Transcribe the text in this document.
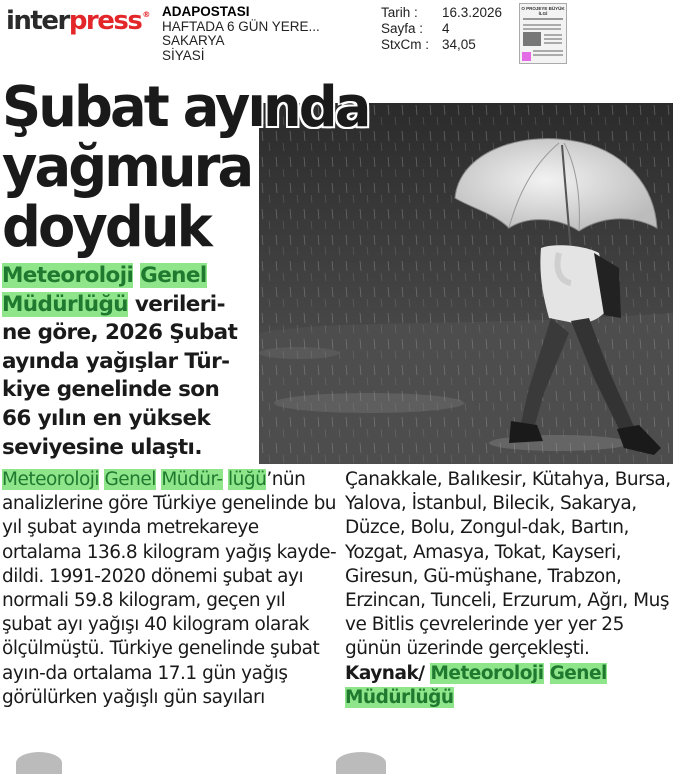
interpress® ADAPOSTASI
HAFTADA 6 GÜN YERE...
SAKARYA
SİYASİ
Tarih :	16.3.2026
Sayfa :	4
StxCm : 34,05
O PROJEYE BÜYÜK İLGİ
Şubat ayında
yağmura
doyduk

Meteoroloji Genel Müdürlüğü verileri-ne göre, 2026 Şubat ayında yağışlar Tür-kiye genelinde son 66 yılın en yüksek seviyesine ulaştı.

Meteoroloji Genel Müdür- lüğü’nün analizlerine göre Türkiye genelinde bu yıl şubat ayında metrekareye ortalama 136.8 kilogram yağış kayde-dildi. 1991-2020 dönemi şubat ayı normali 59.8 kilogram, geçen yıl şubat ayı yağışı 40 kilogram olarak ölçülmüştü. Türkiye genelinde şubat ayın-da ortalama 17.1 gün yağış görülürken yağışlı gün sayıları
Çanakkale, Balıkesir, Kütahya, Bursa, Yalova, İstanbul, Bilecik, Sakarya, Düzce, Bolu, Zongul-dak, Bartın, Yozgat, Amasya, Tokat, Kayseri, Giresun, Gü-müşhane, Trabzon, Erzincan, Tunceli, Erzurum, Ağrı, Muş ve Bitlis çevrelerinde yer yer 25 günün üzerinde gerçekleşti.
Kaynak/ Meteoroloji Genel Müdürlüğü
